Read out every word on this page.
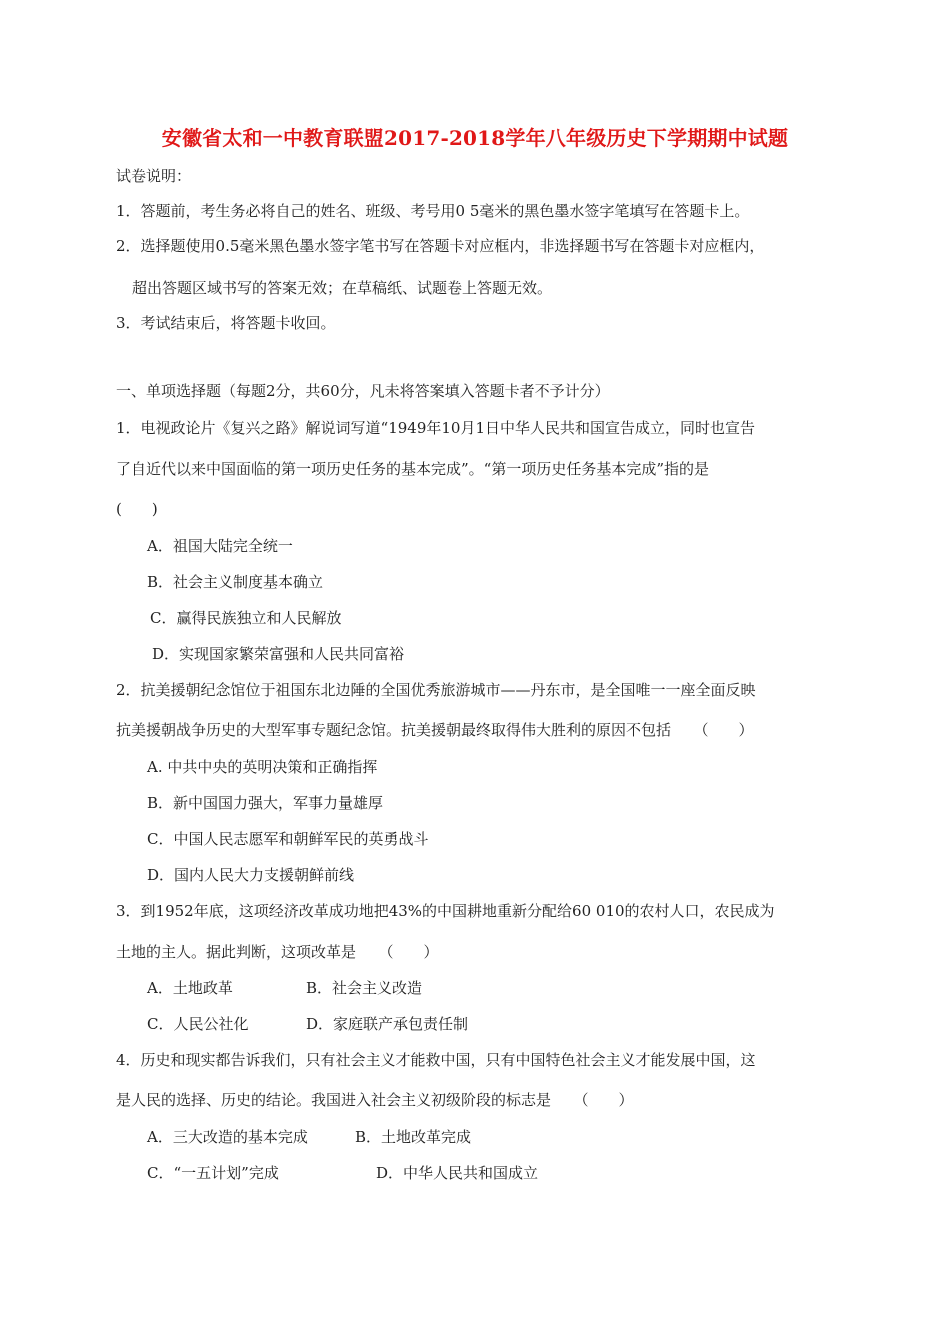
安徽省太和一中教育联盟2017-2018学年八年级历史下学期期中试题
试卷说明：
1．答题前，考生务必将自己的姓名、班级、考号用0 5毫米的黑色墨水签字笔填写在答题卡上。
2．选择题使用0.5毫米黑色墨水签字笔书写在答题卡对应框内，非选择题书写在答题卡对应框内，
超出答题区域书写的答案无效；在草稿纸、试题卷上答题无效。
3．考试结束后，将答题卡收回。
一、单项选择题（每题2分，共60分，凡未将答案填入答题卡者不予计分）
1．电视政论片《复兴之路》解说词写道“1949年10月1日中华人民共和国宣告成立，同时也宣告
了自近代以来中国面临的第一项历史任务的基本完成”。“第一项历史任务基本完成”指的是
(　　)
A．祖国大陆完全统一
B．社会主义制度基本确立
C．赢得民族独立和人民解放
D．实现国家繁荣富强和人民共同富裕
2．抗美援朝纪念馆位于祖国东北边陲的全国优秀旅游城市——丹东市，是全国唯一一座全面反映
抗美援朝战争历史的大型军事专题纪念馆。抗美援朝最终取得伟大胜利的原因不包括　　（　　）
A. 中共中央的英明决策和正确指挥
B．新中国国力强大，军事力量雄厚
C．中国人民志愿军和朝鲜军民的英勇战斗
D．国内人民大力支援朝鲜前线
3．到1952年底，这项经济改革成功地把43%的中国耕地重新分配给60 010的农村人口，农民成为
土地的主人。据此判断，这项改革是　　（　　）
A．土地政革	B．社会主义改造
C．人民公社化	D．家庭联产承包责任制
4．历史和现实都告诉我们，只有社会主义才能救中国，只有中国特色社会主义才能发展中国，这
是人民的选择、历史的结论。我国进入社会主义初级阶段的标志是　　（　　）
A．三大改造的基本完成	B．土地改革完成
C．“一五计划”完成	D．中华人民共和国成立
